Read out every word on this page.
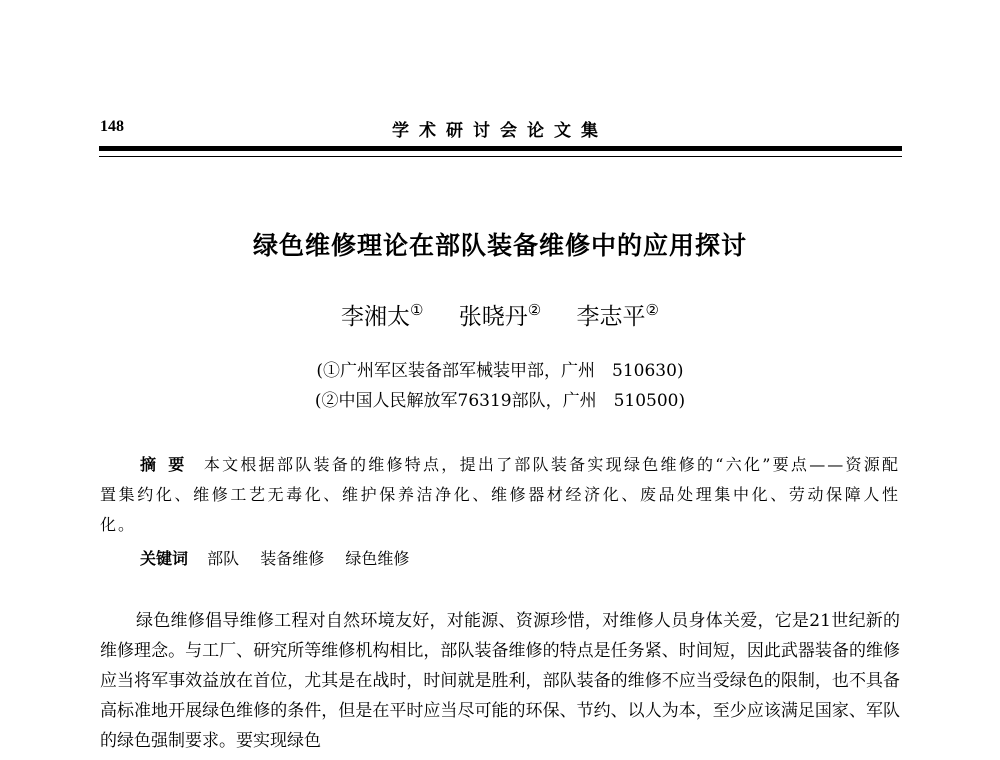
148	学术研讨会论文集
绿色维修理论在部队装备维修中的应用探讨
李湘太① 张晓丹② 李志平②
(①广州军区装备部军械装甲部，广州　510630)
(②中国人民解放军76319部队，广州　510500)
摘要 本文根据部队装备的维修特点，提出了部队装备实现绿色维修的“六化”要点——资源配置集约化、维修工艺无毒化、维护保养洁净化、维修器材经济化、废品处理集中化、劳动保障人性化。
关键词 部队 装备维修 绿色维修
绿色维修倡导维修工程对自然环境友好，对能源、资源珍惜，对维修人员身体关爱，它是21世纪新的维修理念。与工厂、研究所等维修机构相比，部队装备维修的特点是任务紧、时间短，因此武器装备的维修应当将军事效益放在首位，尤其是在战时，时间就是胜利，部队装备的维修不应当受绿色的限制，也不具备高标准地开展绿色维修的条件，但是在平时应当尽可能的环保、节约、以人为本，至少应该满足国家、军队的绿色强制要求。要实现绿色
